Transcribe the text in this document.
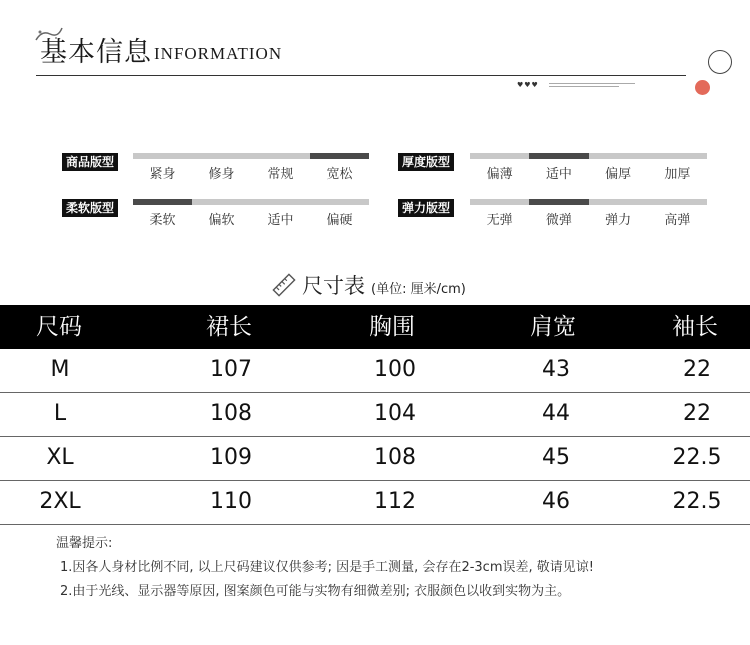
基本信息 INFORMATION
♥♥♥
商品版型
紧身	修身	常规	宽松
厚度版型
偏薄	适中	偏厚	加厚
柔软版型
柔软	偏软	适中	偏硬
弹力版型
无弹	微弹	弹力	高弹
尺寸表 (单位: 厘米/cm)
尺码	裙长	胸围	肩宽	袖长
M	107	100	43	22
L	108	104	44	22
XL	109	108	45	22.5
2XL	110	112	46	22.5
温馨提示:
1.因各人身材比例不同, 以上尺码建议仅供参考; 因是手工测量, 会存在2-3cm误差, 敬请见谅!
2.由于光线、显示器等原因, 图案颜色可能与实物有细微差别; 衣服颜色以收到实物为主。
